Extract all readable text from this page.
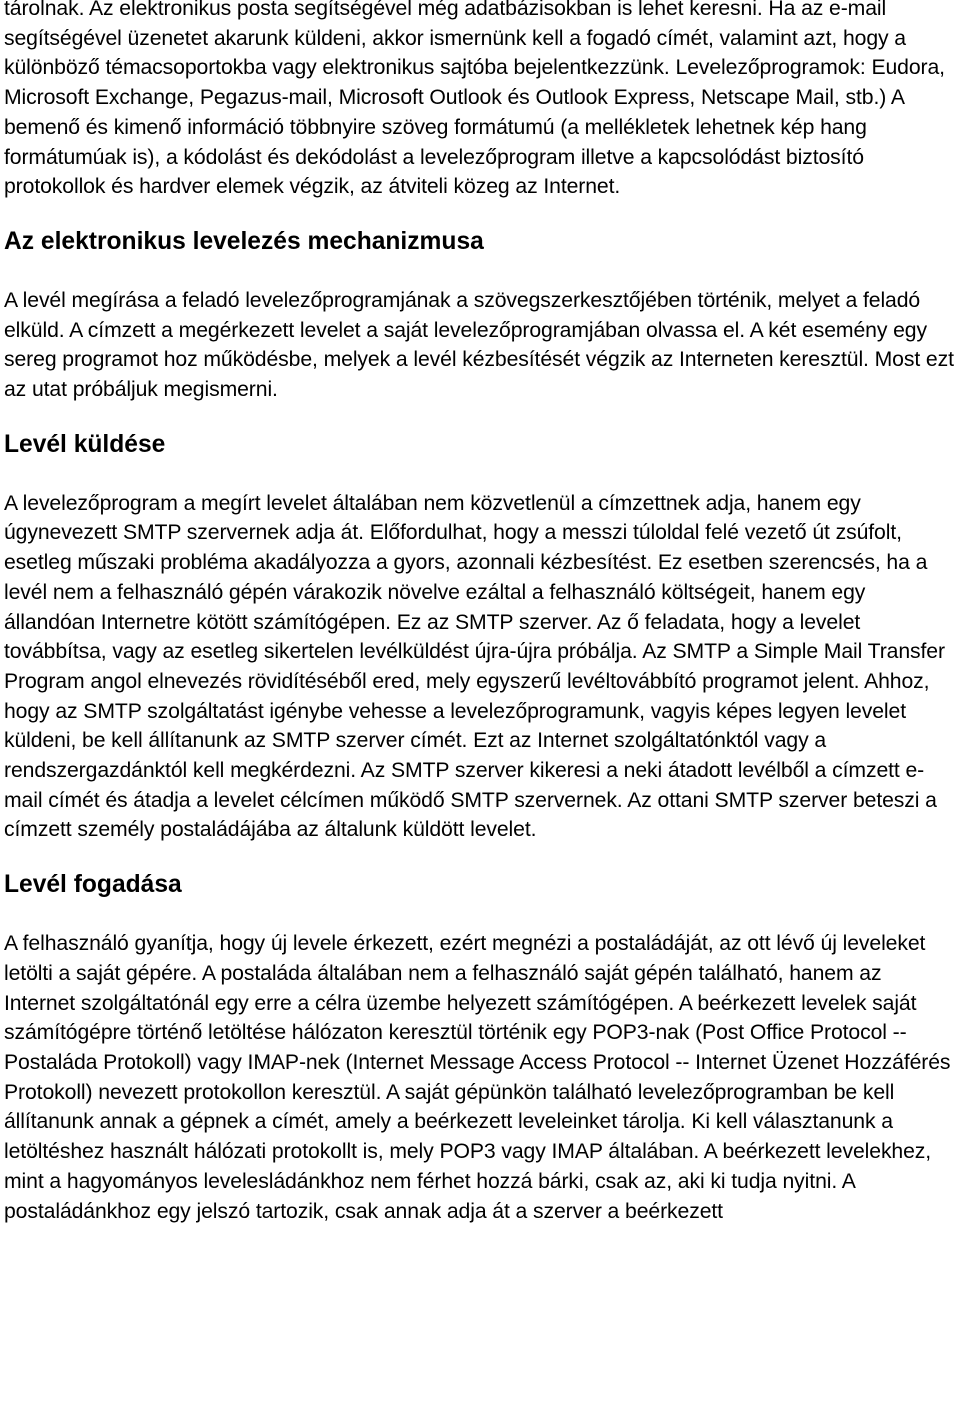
tárolnak. Az elektronikus posta segítségével még adatbázisokban is lehet keresni. Ha az e-mail segítségével üzenetet akarunk küldeni, akkor ismernünk kell a fogadó címét, valamint azt, hogy a különböző témacsoportokba vagy elektronikus sajtóba bejelentkezzünk. Levelezőprogramok: Eudora, Microsoft Exchange, Pegazus-mail, Microsoft Outlook és Outlook Express, Netscape Mail, stb.) A bemenő és kimenő információ többnyire szöveg formátumú (a mellékletek lehetnek kép hang formátumúak is), a kódolást és dekódolást a levelezőprogram illetve a kapcsolódást biztosító protokollok és hardver elemek végzik, az átviteli közeg az Internet.

Az elektronikus levelezés mechanizmusa

A levél megírása a feladó levelezőprogramjának a szövegszerkesztőjében történik, melyet a feladó elküld. A címzett a megérkezett levelet a saját levelezőprogramjában olvassa el. A két esemény egy sereg programot hoz működésbe, melyek a levél kézbesítését végzik az Interneten keresztül. Most ezt az utat próbáljuk megismerni.

Levél küldése

A levelezőprogram a megírt levelet általában nem közvetlenül a címzettnek adja, hanem egy úgynevezett SMTP szervernek adja át. Előfordulhat, hogy a messzi túloldal felé vezető út zsúfolt, esetleg műszaki probléma akadályozza a gyors, azonnali kézbesítést. Ez esetben szerencsés, ha a levél nem a felhasználó gépén várakozik növelve ezáltal a felhasználó költségeit, hanem egy állandóan Internetre kötött számítógépen. Ez az SMTP szerver. Az ő feladata, hogy a levelet továbbítsa, vagy az esetleg sikertelen levélküldést újra-újra próbálja. Az SMTP a Simple Mail Transfer Program angol elnevezés rövidítéséből ered, mely egyszerű levéltovábbító programot jelent. Ahhoz, hogy az SMTP szolgáltatást igénybe vehesse a levelezőprogramunk, vagyis képes legyen levelet küldeni, be kell állítanunk az SMTP szerver címét. Ezt az Internet szolgáltatónktól vagy a rendszergazdánktól kell megkérdezni. Az SMTP szerver kikeresi a neki átadott levélből a címzett e-mail címét és átadja a levelet célcímen működő SMTP szervernek. Az ottani SMTP szerver beteszi a címzett személy postaládájába az általunk küldött levelet.

Levél fogadása

A felhasználó gyanítja, hogy új levele érkezett, ezért megnézi a postaládáját, az ott lévő új leveleket letölti a saját gépére. A postaláda általában nem a felhasználó saját gépén található, hanem az Internet szolgáltatónál egy erre a célra üzembe helyezett számítógépen. A beérkezett levelek saját számítógépre történő letöltése hálózaton keresztül történik egy POP3-nak (Post Office Protocol -- Postaláda Protokoll) vagy IMAP-nek (Internet Message Access Protocol -- Internet Üzenet Hozzáférés Protokoll) nevezett protokollon keresztül. A saját gépünkön található levelezőprogramban be kell állítanunk annak a gépnek a címét, amely a beérkezett leveleinket tárolja. Ki kell választanunk a letöltéshez használt hálózati protokollt is, mely POP3 vagy IMAP általában. A beérkezett levelekhez, mint a hagyományos levelesládánkhoz nem férhet hozzá bárki, csak az, aki ki tudja nyitni. A postaládánkhoz egy jelszó tartozik, csak annak adja át a szerver a beérkezett
